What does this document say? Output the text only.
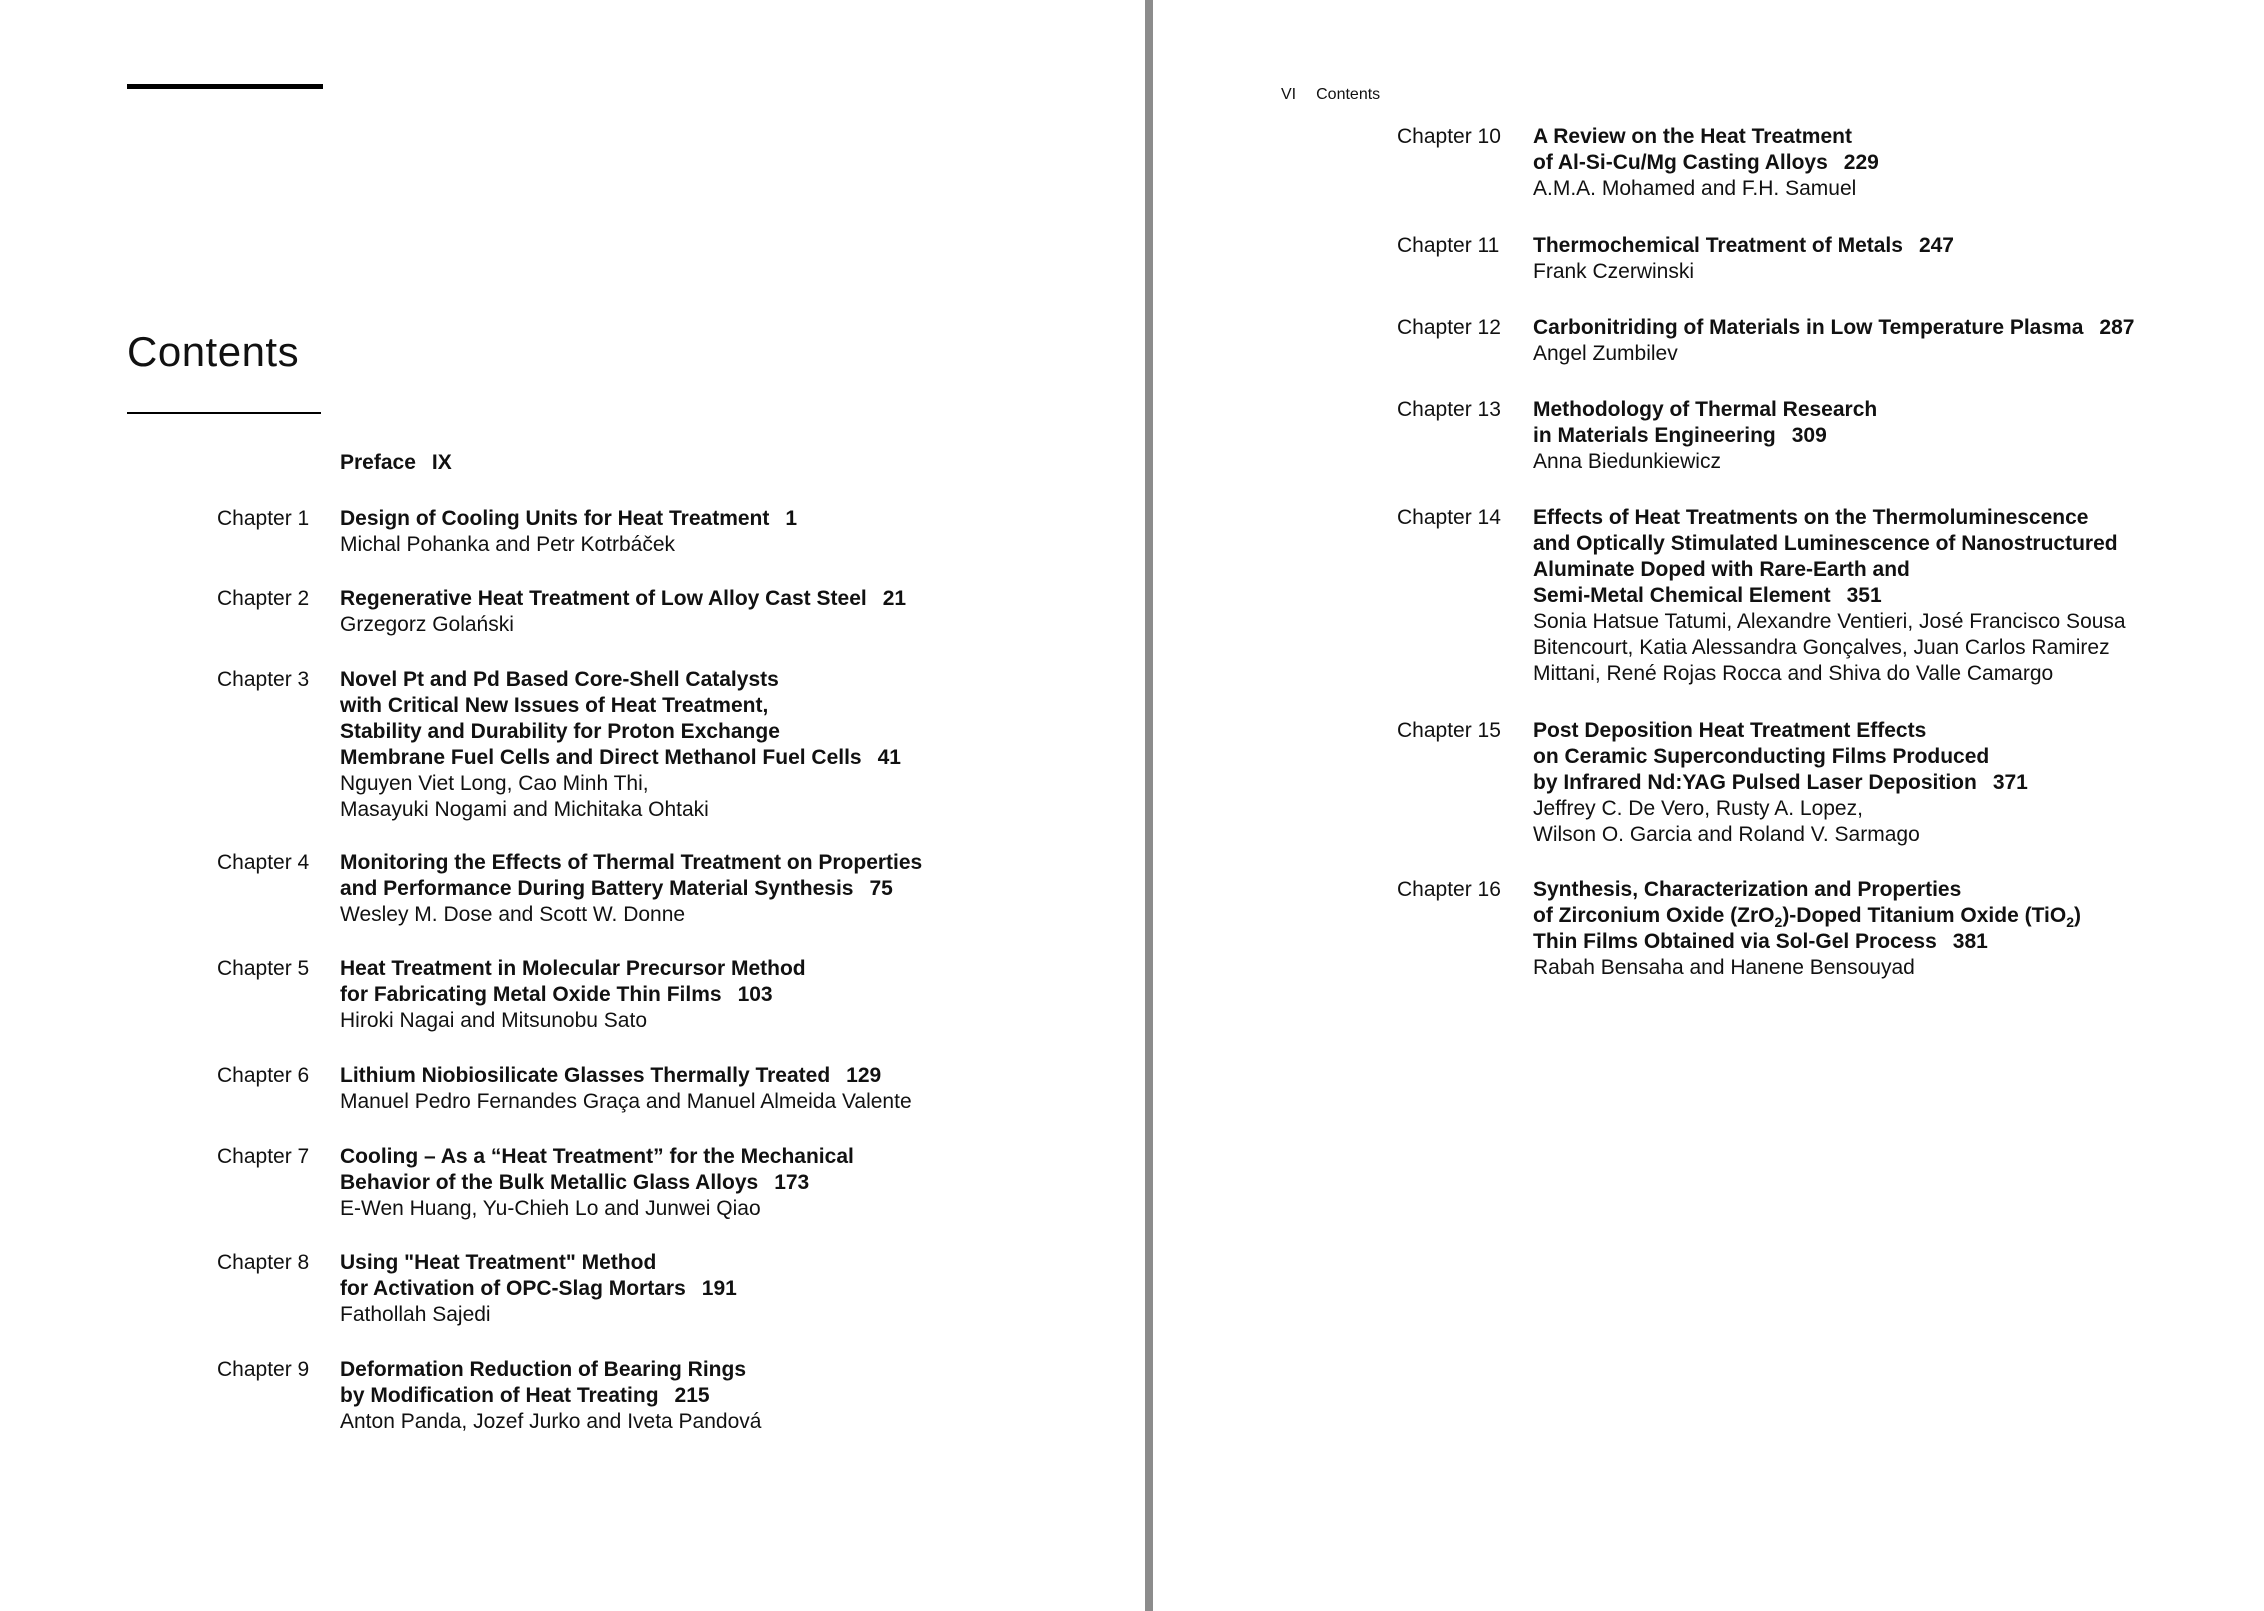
Contents
Preface IX
Chapter 1 Design of Cooling Units for Heat Treatment 1
Michal Pohanka and Petr Kotrbáček
Chapter 2 Regenerative Heat Treatment of Low Alloy Cast Steel 21
Grzegorz Golański
Chapter 3 Novel Pt and Pd Based Core-Shell Catalysts
with Critical New Issues of Heat Treatment,
Stability and Durability for Proton Exchange
Membrane Fuel Cells and Direct Methanol Fuel Cells 41
Nguyen Viet Long, Cao Minh Thi,
Masayuki Nogami and Michitaka Ohtaki
Chapter 4 Monitoring the Effects of Thermal Treatment on Properties
and Performance During Battery Material Synthesis 75
Wesley M. Dose and Scott W. Donne
Chapter 5 Heat Treatment in Molecular Precursor Method
for Fabricating Metal Oxide Thin Films 103
Hiroki Nagai and Mitsunobu Sato
Chapter 6 Lithium Niobiosilicate Glasses Thermally Treated 129
Manuel Pedro Fernandes Graça and Manuel Almeida Valente
Chapter 7 Cooling – As a “Heat Treatment” for the Mechanical
Behavior of the Bulk Metallic Glass Alloys 173
E-Wen Huang, Yu-Chieh Lo and Junwei Qiao
Chapter 8 Using "Heat Treatment" Method
for Activation of OPC-Slag Mortars 191
Fathollah Sajedi
Chapter 9 Deformation Reduction of Bearing Rings
by Modification of Heat Treating 215
Anton Panda, Jozef Jurko and Iveta Pandová
VI Contents
Chapter 10 A Review on the Heat Treatment
of Al-Si-Cu/Mg Casting Alloys 229
A.M.A. Mohamed and F.H. Samuel
Chapter 11 Thermochemical Treatment of Metals 247
Frank Czerwinski
Chapter 12 Carbonitriding of Materials in Low Temperature Plasma 287
Angel Zumbilev
Chapter 13 Methodology of Thermal Research
in Materials Engineering 309
Anna Biedunkiewicz
Chapter 14 Effects of Heat Treatments on the Thermoluminescence
and Optically Stimulated Luminescence of Nanostructured
Aluminate Doped with Rare-Earth and
Semi-Metal Chemical Element 351
Sonia Hatsue Tatumi, Alexandre Ventieri, José Francisco Sousa
Bitencourt, Katia Alessandra Gonçalves, Juan Carlos Ramirez
Mittani, René Rojas Rocca and Shiva do Valle Camargo
Chapter 15 Post Deposition Heat Treatment Effects
on Ceramic Superconducting Films Produced
by Infrared Nd:YAG Pulsed Laser Deposition 371
Jeffrey C. De Vero, Rusty A. Lopez,
Wilson O. Garcia and Roland V. Sarmago
Chapter 16 Synthesis, Characterization and Properties
of Zirconium Oxide (ZrO$_2$)-Doped Titanium Oxide (TiO$_2$)
Thin Films Obtained via Sol-Gel Process 381
Rabah Bensaha and Hanene Bensouyad
